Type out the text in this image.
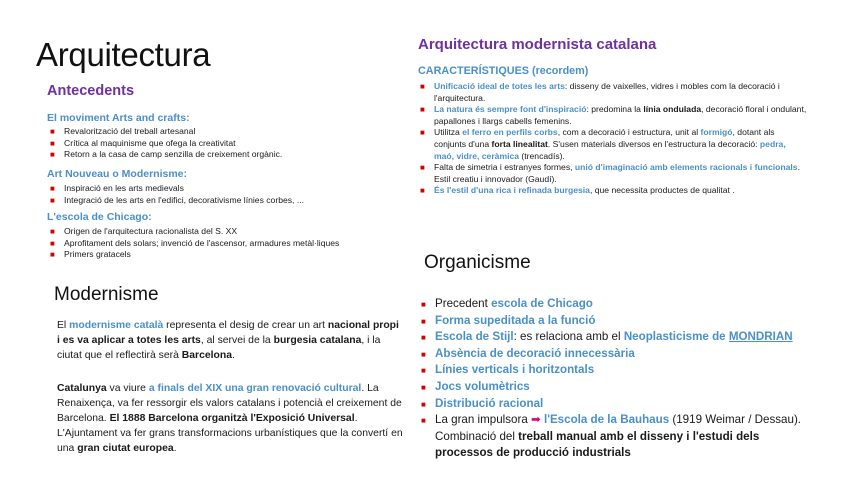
Arquitectura
Antecedents
El moviment Arts and crafts:
■ Revalorització del treball artesanal
■ Crítica al maquinisme que ofega la creativitat
■ Retorn a la casa de camp senzilla de creixement orgànic.
Art Nouveau o Modernisme:
■ Inspiració en les arts medievals
■ Integració de les arts en l'edifici, decorativisme línies corbes, ...
L'escola de Chicago:
■ Origen de l'arquitectura racionalista del S. XX
■ Aprofitament dels solars; invenció de l'ascensor, armadures metàl·liques
■ Primers gratacels
Modernisme
El modernisme català representa el desig de crear un art nacional propi i es va aplicar a totes les arts, al servei de la burgesia catalana, i la ciutat que el reflectirà serà Barcelona.
Catalunya va viure a finals del XIX una gran renovació cultural. La Renaixença, va fer ressorgir els valors catalans i potencià el creixement de Barcelona. El 1888 Barcelona organitzà l'Exposició Universal. L'Ajuntament va fer grans transformacions urbanístiques que la convertí en una gran ciutat europea.
Arquitectura modernista catalana
CARACTERÍSTIQUES (recordem)
■ Unificació ideal de totes les arts: disseny de vaixelles, vidres i mobles com la decoració i l'arquitectura.
■ La natura és sempre font d'inspiració: predomina la línia ondulada, decoració floral i ondulant, papallones i llargs cabells femenins.
■ Utilitza el ferro en perfils corbs, com a decoració i estructura, unit al formigó, dotant als conjunts d'una forta linealitat. S'usen materials diversos en l'estructura la decoració: pedra, maó, vidre, ceràmica (trencadís).
■ Falta de simetria i estranyes formes, unió d'imaginació amb elements racionals i funcionals. Estil creatiu i innovador (Gaudí).
■ És l'estil d'una rica i refinada burgesia, que necessita productes de qualitat .
Organicisme
■ Precedent escola de Chicago
■ Forma supeditada a la funció
■ Escola de Stijl: es relaciona amb el Neoplasticisme de MONDRIAN
■ Absència de decoració innecessària
■ Línies verticals i horitzontals
■ Jocs volumètrics
■ Distribució racional
■ La gran impulsora ➡ l'Escola de la Bauhaus (1919 Weimar / Dessau). Combinació del treball manual amb el disseny i l'estudi dels processos de producció industrials
